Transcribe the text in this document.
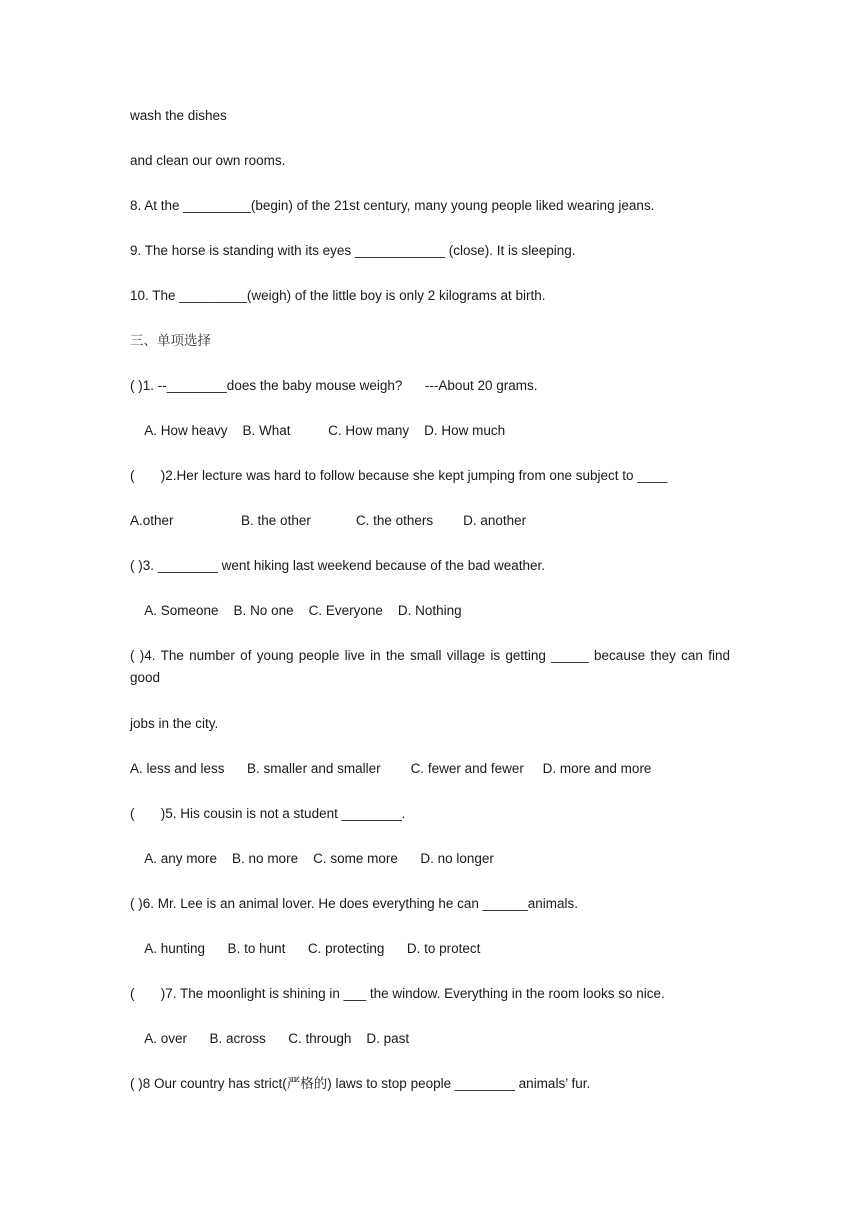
wash the dishes
and clean our own rooms.
8. At the _________(begin) of the 21st century, many young people liked wearing jeans.
9. The horse is standing with its eyes ____________ (close). It is sleeping.
10. The _________(weigh) of the little boy is only 2 kilograms at birth.
三、单项选择
( )1. --________does the baby mouse weigh?      ---About 20 grams.
A. How heavy    B. What          C. How many    D. How much
(       )2.Her lecture was hard to follow because she kept jumping from one subject to ____
A.other                  B. the other            C. the others        D. another
( )3. ________ went hiking last weekend because of the bad weather.
A. Someone    B. No one    C. Everyone    D. Nothing
( )4. The number of young people live in the small village is getting _____ because they can find good
jobs in the city.
A. less and less      B. smaller and smaller        C. fewer and fewer     D. more and more
(       )5. His cousin is not a student ________.
A. any more    B. no more    C. some more      D. no longer
( )6. Mr. Lee is an animal lover. He does everything he can ______animals.
A. hunting      B. to hunt      C. protecting      D. to protect
(       )7. The moonlight is shining in ___ the window. Everything in the room looks so nice.
A. over      B. across      C. through    D. past
( )8 Our country has strict(严格的) laws to stop people ________ animals’ fur.
